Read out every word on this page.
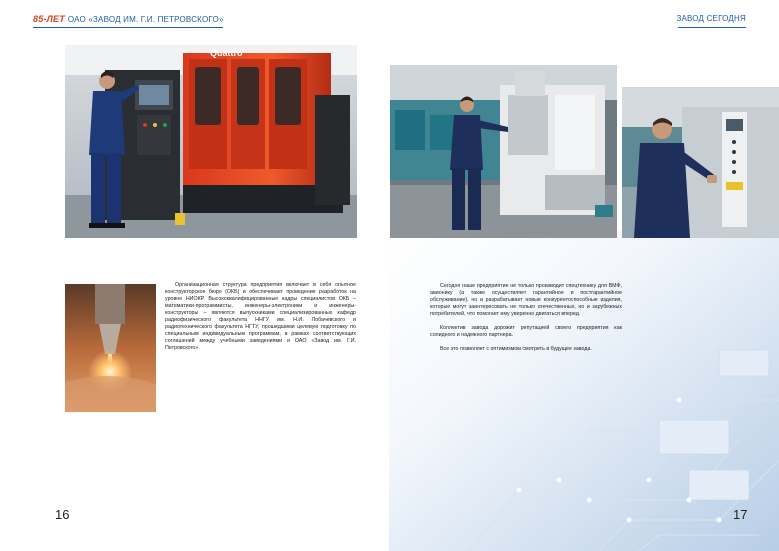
85-ЛЕТ ОАО «ЗАВОД ИМ. Г.И. ПЕТРОВСКОГО»
Quattro

Организационная структура предприятия включает в себя опытное конструкторское бюро (ОКБ) и обеспечивает проведение разработок на уровне НИОКР. Высококвалифицированные кадры специалистов ОКБ – математики-программисты, инженеры-электроники и инженеры-конструкторы – являются выпускниками специализированных кафедр радиофизического факультета ННГУ им. Н.И. Лобачевского и радиотехнического факультета НГТУ, прошедшими целевую подготовку по специальным индивидуальным программам, в рамках соответствующих соглашений между учебными заведениями и ОАО «Завод им. Г.И. Петровского».

16
ЗАВОД СЕГОДНЯ

Сегодня наше предприятие не только производит спецтехнику для ВМФ, авионику (а также осуществляет гарантийное и постгарантийное обслуживание), но и разрабатывает новые конкурентоспособные изделия, которые могут заинтересовать не только отечественных, но и зарубежных потребителей, что помогает ему уверенно двигаться вперед.

Коллектив завода дорожит репутацией своего предприятия как солидного и надежного партнера.

Все это позволяет с оптимизмом смотреть в будущее завода.

17
